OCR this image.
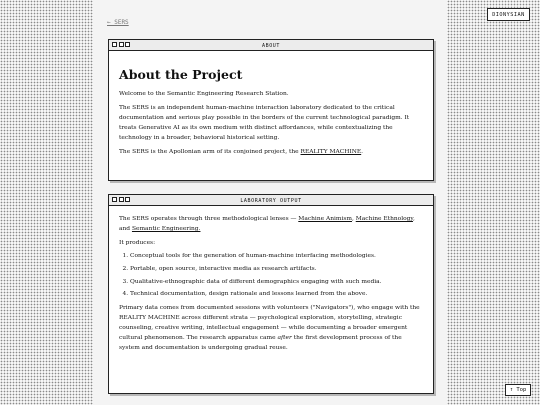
← SERS
DIONYSIAN
ABOUT
About the Project

Welcome to the Semantic Engineering Research Station.

The SERS is an independent human-machine interaction laboratory dedicated to the critical documentation and serious play possible in the borders of the current technological paradigm. It treats Generative AI as its own medium with distinct affordances, while contextualizing the technology in a broader, behavioral historical setting.

The SERS is the Apollonian arm of its conjoined project, the REALITY MACHINE.

LABORATORY OUTPUT

The SERS operates through three methodological lenses — Machine Animism, Machine Ethnology, and Semantic Engineering.

It produces:

1. Conceptual tools for the generation of human-machine interfacing methodologies.
2. Portable, open source, interactive media as research artifacts.
3. Qualitative-ethnographic data of different demographics engaging with such media.
4. Technical documentation, design rationale and lessons learned from the above.

Primary data comes from documented sessions with volunteers ("Navigators"), who engage with the REALITY MACHINE across different strata — psychological exploration, storytelling, strategic counseling, creative writing, intellectual engagement — while documenting a broader emergent cultural phenomenon. The research apparatus came after the first development process of the system and documentation is undergoing gradual reuse.

↑ Top
